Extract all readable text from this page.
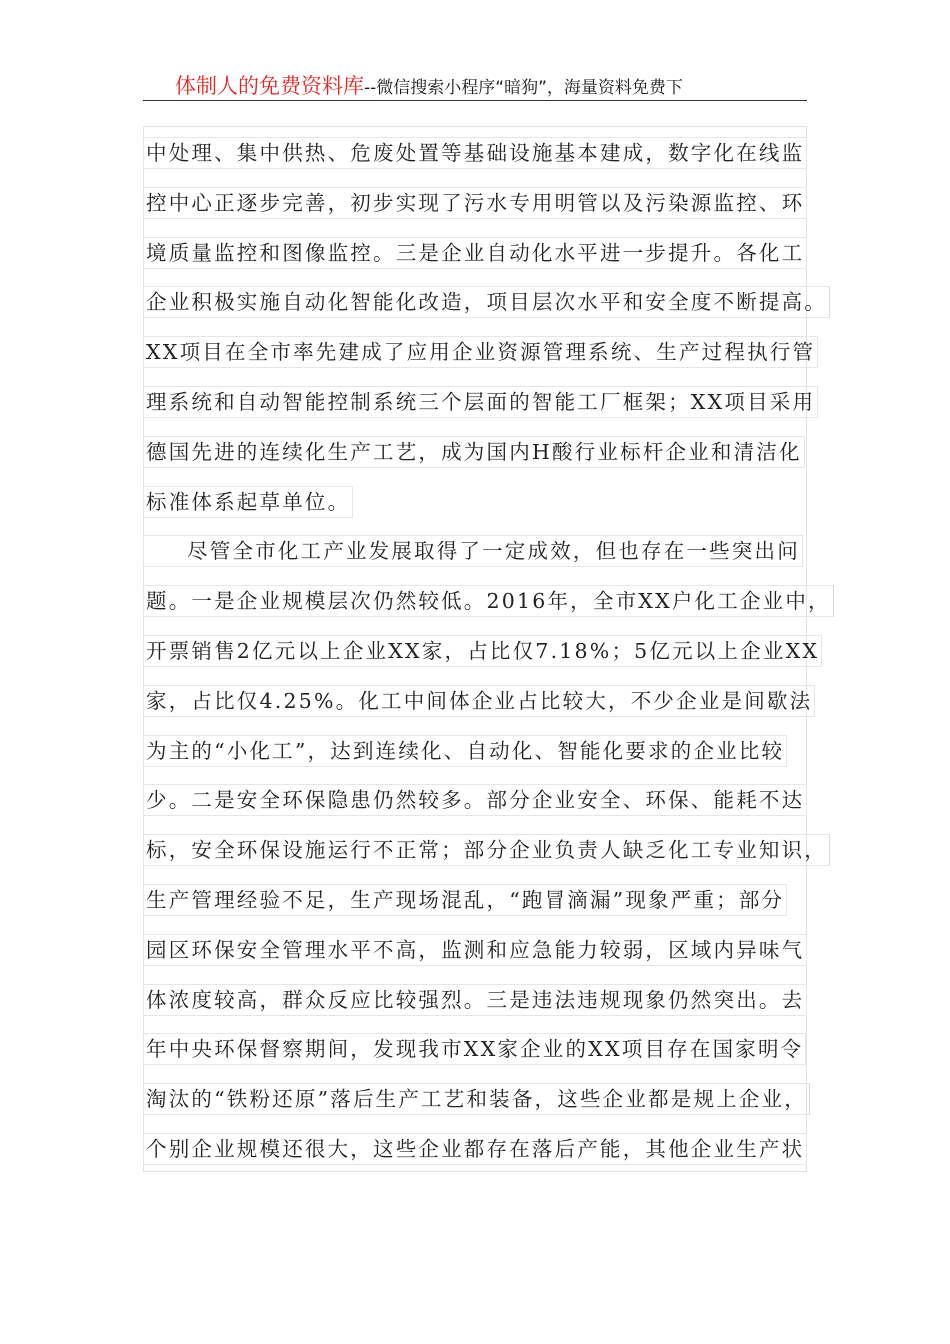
体制人的免费资料库--微信搜索小程序“暗狗”，海量资料免费下
中处理、集中供热、危废处置等基础设施基本建成，数字化在线监
控中心正逐步完善，初步实现了污水专用明管以及污染源监控、环
境质量监控和图像监控。三是企业自动化水平进一步提升。各化工
企业积极实施自动化智能化改造，项目层次水平和安全度不断提高。
XX项目在全市率先建成了应用企业资源管理系统、生产过程执行管
理系统和自动智能控制系统三个层面的智能工厂框架；XX项目采用
德国先进的连续化生产工艺，成为国内H酸行业标杆企业和清洁化
标准体系起草单位。
尽管全市化工产业发展取得了一定成效，但也存在一些突出问
题。一是企业规模层次仍然较低。2016年，全市XX户化工企业中，
开票销售2亿元以上企业XX家，占比仅7.18%；5亿元以上企业XX
家，占比仅4.25%。化工中间体企业占比较大，不少企业是间歇法
为主的“小化工”，达到连续化、自动化、智能化要求的企业比较
少。二是安全环保隐患仍然较多。部分企业安全、环保、能耗不达
标，安全环保设施运行不正常；部分企业负责人缺乏化工专业知识，
生产管理经验不足，生产现场混乱，“跑冒滴漏”现象严重；部分
园区环保安全管理水平不高，监测和应急能力较弱，区域内异味气
体浓度较高，群众反应比较强烈。三是违法违规现象仍然突出。去
年中央环保督察期间，发现我市XX家企业的XX项目存在国家明令
淘汰的“铁粉还原”落后生产工艺和装备，这些企业都是规上企业，
个别企业规模还很大，这些企业都存在落后产能，其他企业生产状
